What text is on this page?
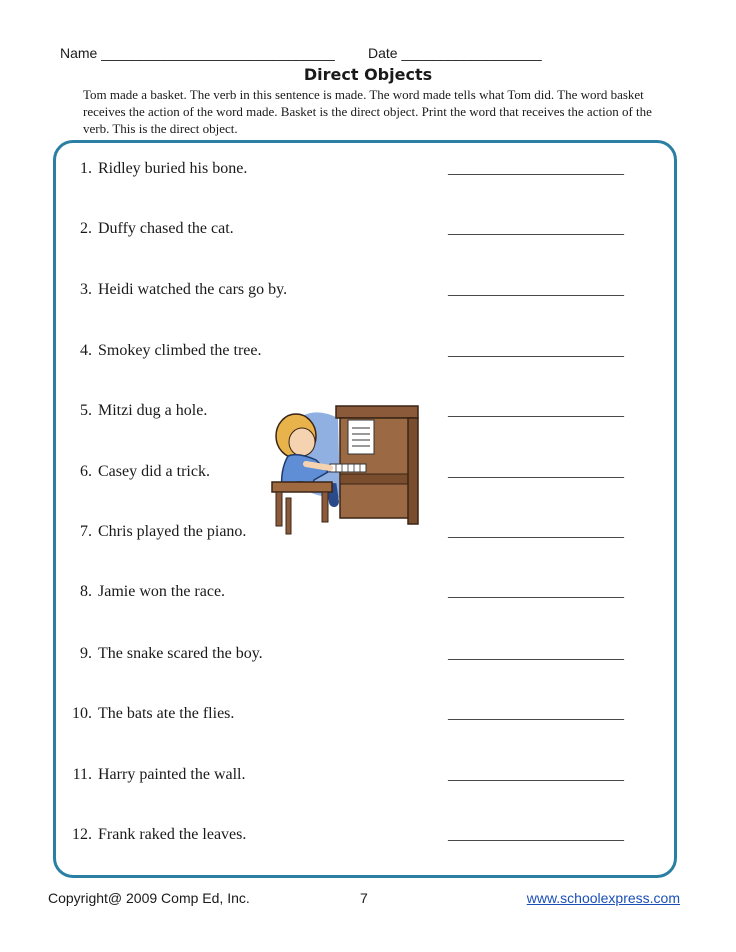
Name ______________________________ Date __________________
Direct Objects
Tom made a basket. The verb in this sentence is made. The word made tells what Tom did. The word basket receives the action of the word made. Basket is the direct object. Print the word that receives the action of the verb. This is the direct object.
1. Ridley buried his bone.	______________________
2. Duffy chased the cat.	______________________
3. Heidi watched the cars go by.	______________________
4. Smokey climbed the tree.	______________________
5. Mitzi dug a hole.	______________________
6. Casey did a trick.	______________________
7. Chris played the piano.	______________________
8. Jamie won the race.	______________________
9. The snake scared the boy.	______________________
10. The bats ate the flies.	______________________
11. Harry painted the wall.	______________________
12. Frank raked the leaves.	______________________
Copyright@ 2009 Comp Ed, Inc.	7	www.schoolexpress.com
